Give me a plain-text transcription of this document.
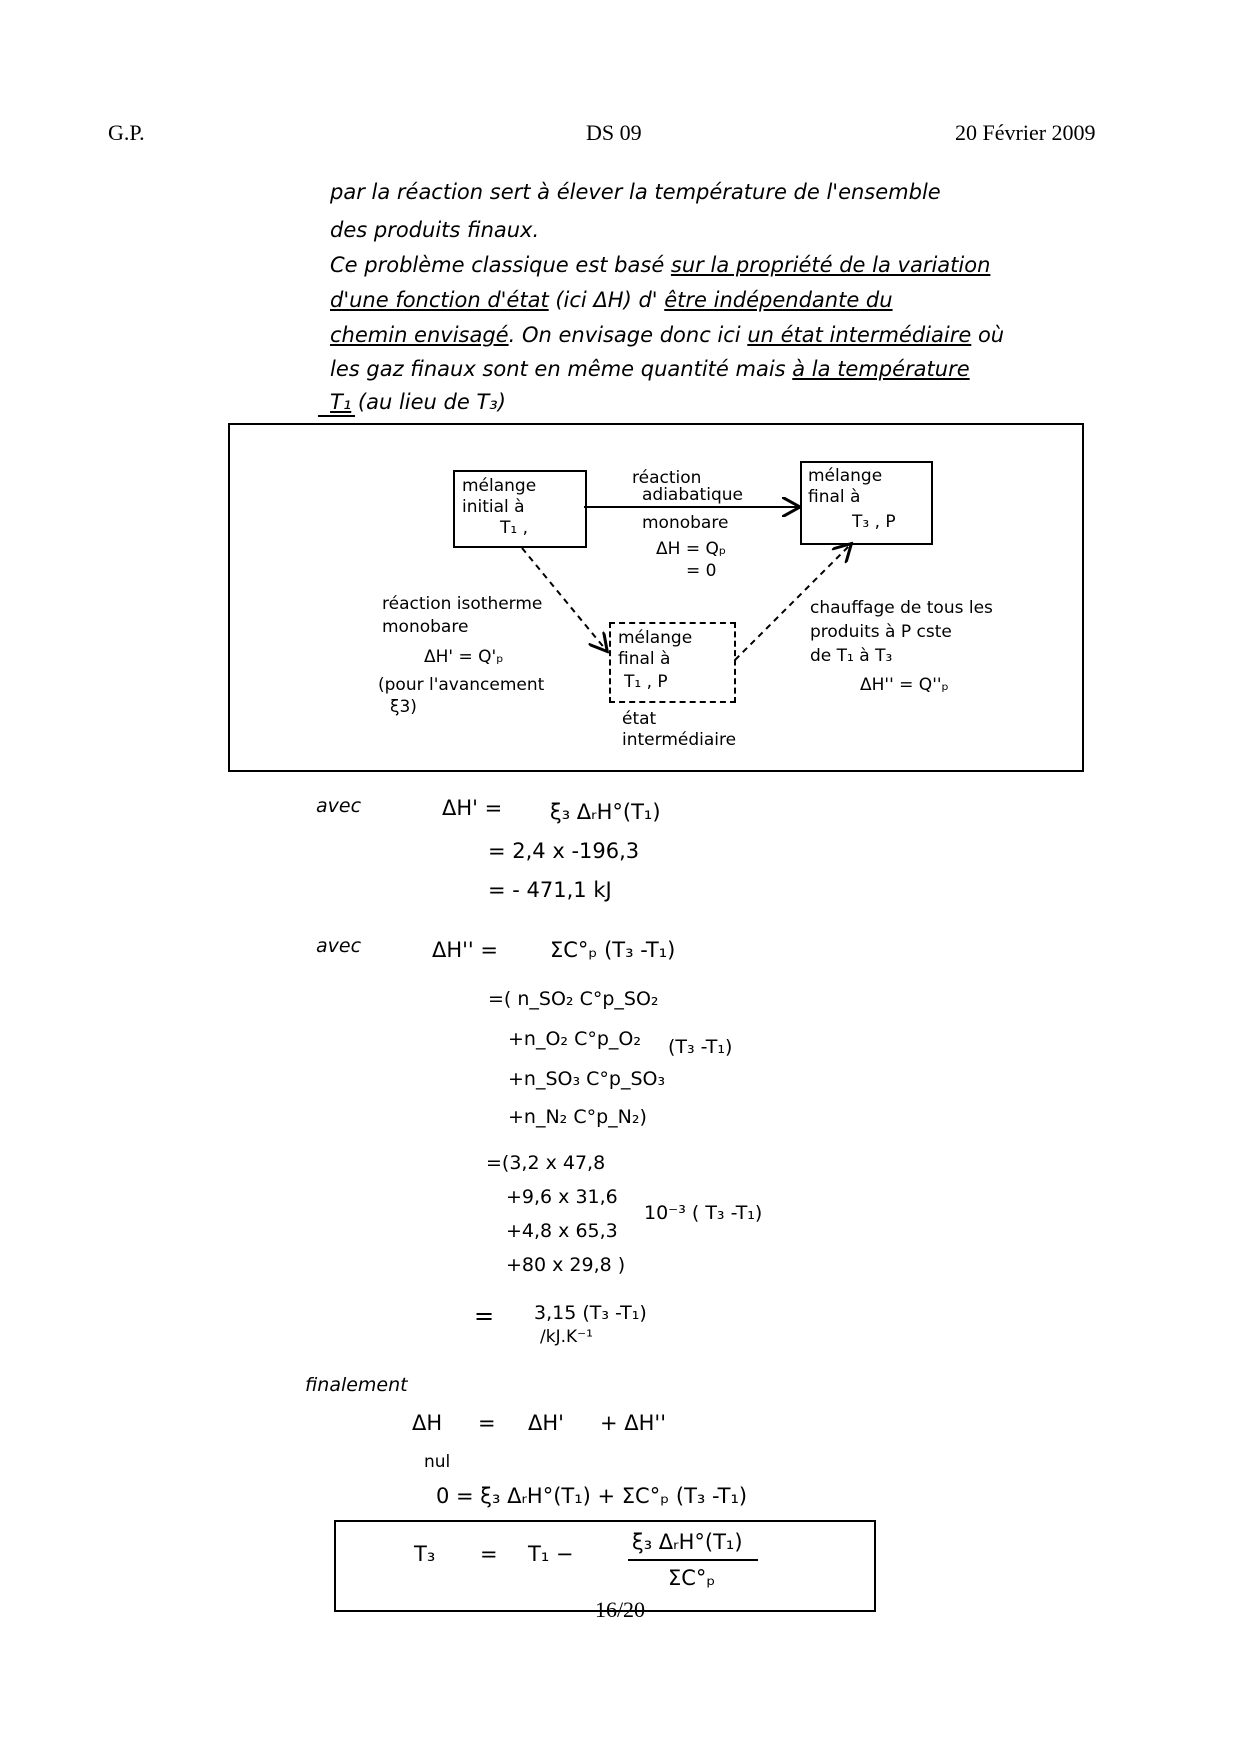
G.P.	DS 09	20 Février 2009
par la réaction sert à élever la température de l'ensemble
des produits finaux.
Ce problème classique est basé sur la propriété de la variation
d'une fonction d'état (ici ΔH) d' être indépendante du
chemin envisagé. On envisage donc ici un état intermédiaire où
les gaz finaux sont en même quantité mais à la température
T₁ (au lieu de T₃)
mélange
initial à
T₁ ,
mélange
final à
T₃ , P
mélange
final à
T₁ , P
état
intermédiaire
réaction
adiabatique
monobare
ΔH = Qₚ
= 0
réaction isotherme
monobare
ΔH' = Q'ₚ
(pour l'avancement
ξ3)
chauffage de tous les
produits à P cste
de T₁ à T₃
ΔH'' = Q''ₚ
avec	ΔH' = ξ₃ ΔᵣH°(T₁)
= 2,4 x -196,3
= - 471,1 kJ
avec	ΔH'' = ΣC°ₚ (T₃ -T₁)
=( n_SO₂ C°p_SO₂
+n_O₂ C°p_O₂
+n_SO₃ C°p_SO₃
+n_N₂ C°p_N₂)
(T₃ -T₁)
=(3,2 x 47,8
+9,6 x 31,6
+4,8 x 65,3
+80 x 29,8 )
10⁻³ ( T₃ -T₁)
= 3,15 (T₃ -T₁)
/kJ.K⁻¹
finalement
ΔH = ΔH' + ΔH''
nul
0 = ξ₃ ΔᵣH°(T₁) + ΣC°ₚ (T₃ -T₁)
T₃ = T₁ −	ξ₃ ΔᵣH°(T₁)
ΣC°ₚ
16/20
